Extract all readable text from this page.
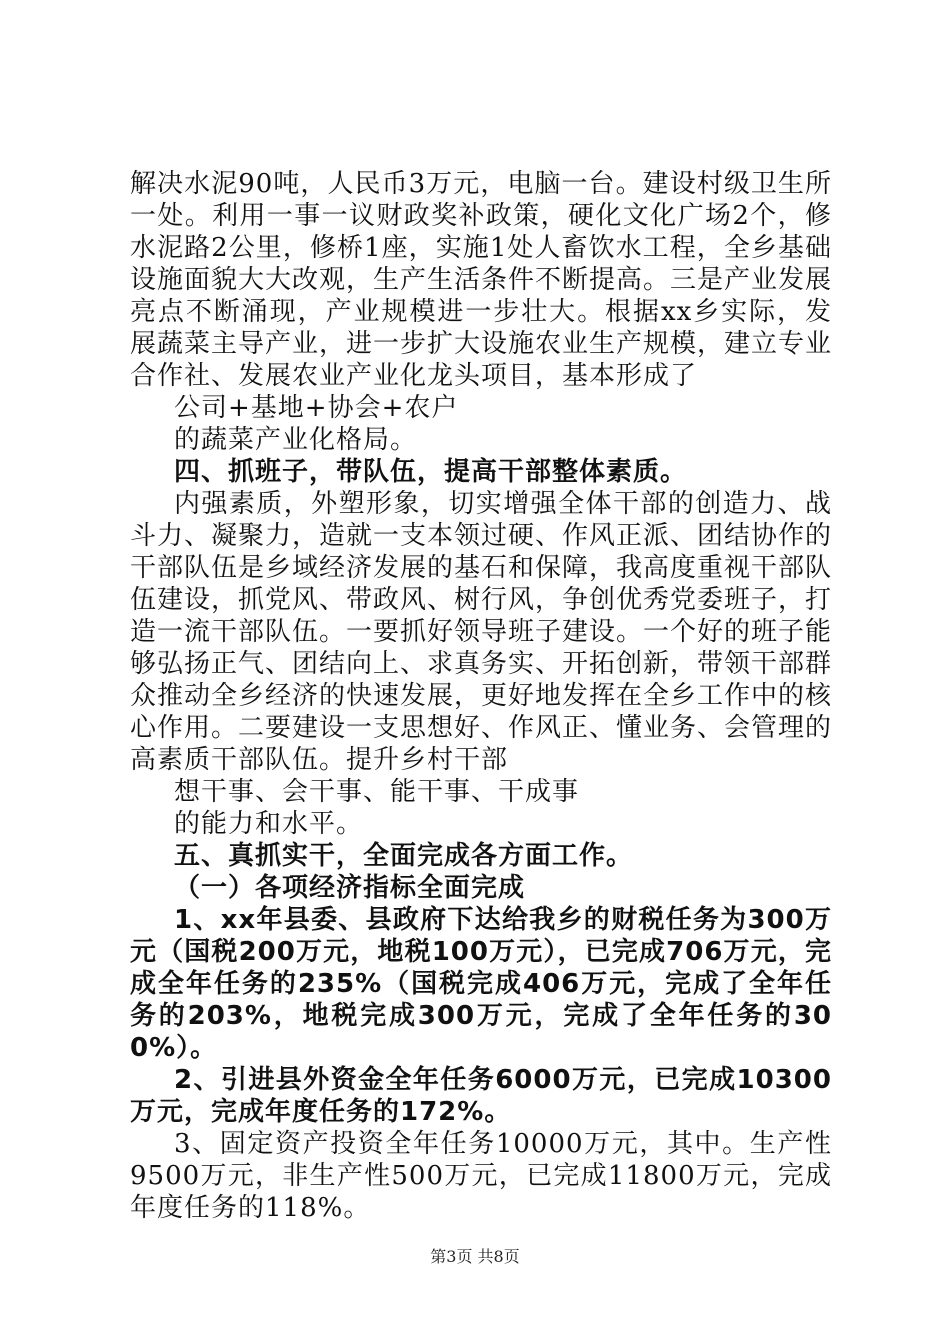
解决水泥90吨，人民币3万元，电脑一台。建设村级卫生所一处。利用一事一议财政奖补政策，硬化文化广场2个，修水泥路2公里，修桥1座，实施1处人畜饮水工程，全乡基础设施面貌大大改观，生产生活条件不断提高。三是产业发展亮点不断涌现，产业规模进一步壮大。根据xx乡实际，发展蔬菜主导产业，进一步扩大设施农业生产规模，建立专业合作社、发展农业产业化龙头项目，基本形成了

公司+基地+协会+农户

的蔬菜产业化格局。

四、抓班子，带队伍，提高干部整体素质。

内强素质，外塑形象，切实增强全体干部的创造力、战斗力、凝聚力，造就一支本领过硬、作风正派、团结协作的干部队伍是乡域经济发展的基石和保障，我高度重视干部队伍建设，抓党风、带政风、树行风，争创优秀党委班子，打造一流干部队伍。一要抓好领导班子建设。一个好的班子能够弘扬正气、团结向上、求真务实、开拓创新，带领干部群众推动全乡经济的快速发展，更好地发挥在全乡工作中的核心作用。二要建设一支思想好、作风正、懂业务、会管理的高素质干部队伍。提升乡村干部

想干事、会干事、能干事、干成事

的能力和水平。

五、真抓实干，全面完成各方面工作。

（一）各项经济指标全面完成

1、xx年县委、县政府下达给我乡的财税任务为300万元（国税200万元，地税100万元），已完成706万元，完成全年任务的235%（国税完成406万元，完成了全年任务的203%，地税完成300万元，完成了全年任务的300%）。

2、引进县外资金全年任务6000万元，已完成10300万元，完成年度任务的172%。

3、固定资产投资全年任务10000万元，其中。生产性9500万元，非生产性500万元，已完成11800万元，完成年度任务的118%。

第3页 共8页
